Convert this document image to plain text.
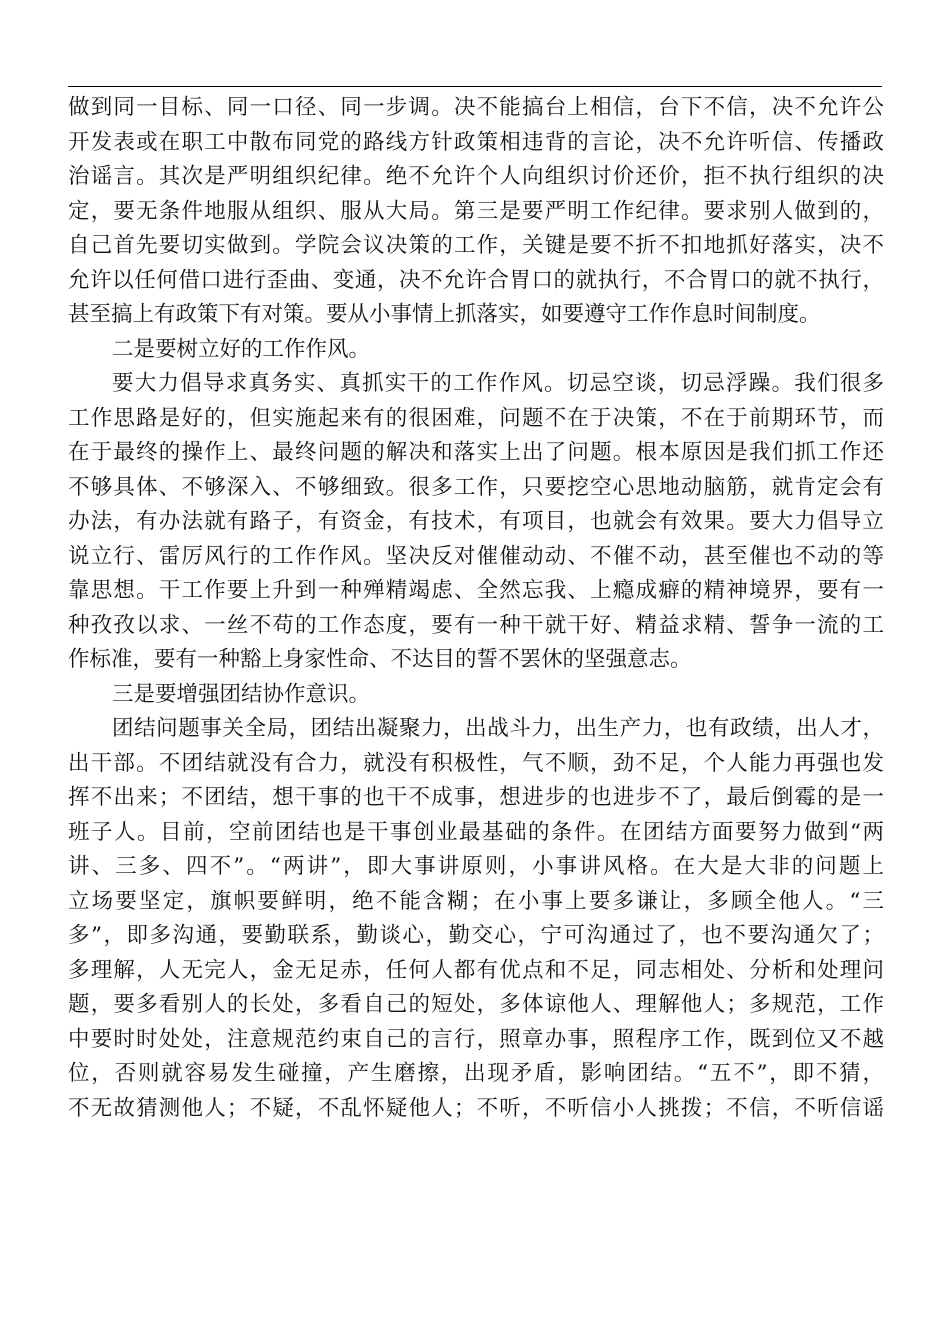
做到同一目标、同一口径、同一步调。决不能搞台上相信，台下不信，决不允许公
开发表或在职工中散布同党的路线方针政策相违背的言论，决不允许听信、传播政
治谣言。其次是严明组织纪律。绝不允许个人向组织讨价还价，拒不执行组织的决
定，要无条件地服从组织、服从大局。第三是要严明工作纪律。要求别人做到的，
自己首先要切实做到。学院会议决策的工作，关键是要不折不扣地抓好落实，决不
允许以任何借口进行歪曲、变通，决不允许合胃口的就执行，不合胃口的就不执行，
甚至搞上有政策下有对策。要从小事情上抓落实，如要遵守工作作息时间制度。
二是要树立好的工作作风。
要大力倡导求真务实、真抓实干的工作作风。切忌空谈，切忌浮躁。我们很多
工作思路是好的，但实施起来有的很困难，问题不在于决策，不在于前期环节，而
在于最终的操作上、最终问题的解决和落实上出了问题。根本原因是我们抓工作还
不够具体、不够深入、不够细致。很多工作，只要挖空心思地动脑筋，就肯定会有
办法，有办法就有路子，有资金，有技术，有项目，也就会有效果。要大力倡导立
说立行、雷厉风行的工作作风。坚决反对催催动动、不催不动，甚至催也不动的等
靠思想。干工作要上升到一种殚精竭虑、全然忘我、上瘾成癖的精神境界，要有一
种孜孜以求、一丝不苟的工作态度，要有一种干就干好、精益求精、誓争一流的工
作标准，要有一种豁上身家性命、不达目的誓不罢休的坚强意志。
三是要增强团结协作意识。
团结问题事关全局，团结出凝聚力，出战斗力，出生产力，也有政绩，出人才，
出干部。不团结就没有合力，就没有积极性，气不顺，劲不足，个人能力再强也发
挥不出来；不团结，想干事的也干不成事，想进步的也进步不了，最后倒霉的是一
班子人。目前，空前团结也是干事创业最基础的条件。在团结方面要努力做到“两
讲、三多、四不”。“两讲”，即大事讲原则，小事讲风格。在大是大非的问题上
立场要坚定，旗帜要鲜明，绝不能含糊；在小事上要多谦让，多顾全他人。“三
多”，即多沟通，要勤联系，勤谈心，勤交心，宁可沟通过了，也不要沟通欠了；
多理解，人无完人，金无足赤，任何人都有优点和不足，同志相处、分析和处理问
题，要多看别人的长处，多看自己的短处，多体谅他人、理解他人；多规范，工作
中要时时处处，注意规范约束自己的言行，照章办事，照程序工作，既到位又不越
位，否则就容易发生碰撞，产生磨擦，出现矛盾，影响团结。“五不”，即不猜，
不无故猜测他人；不疑，不乱怀疑他人；不听，不听信小人挑拨；不信，不听信谣
